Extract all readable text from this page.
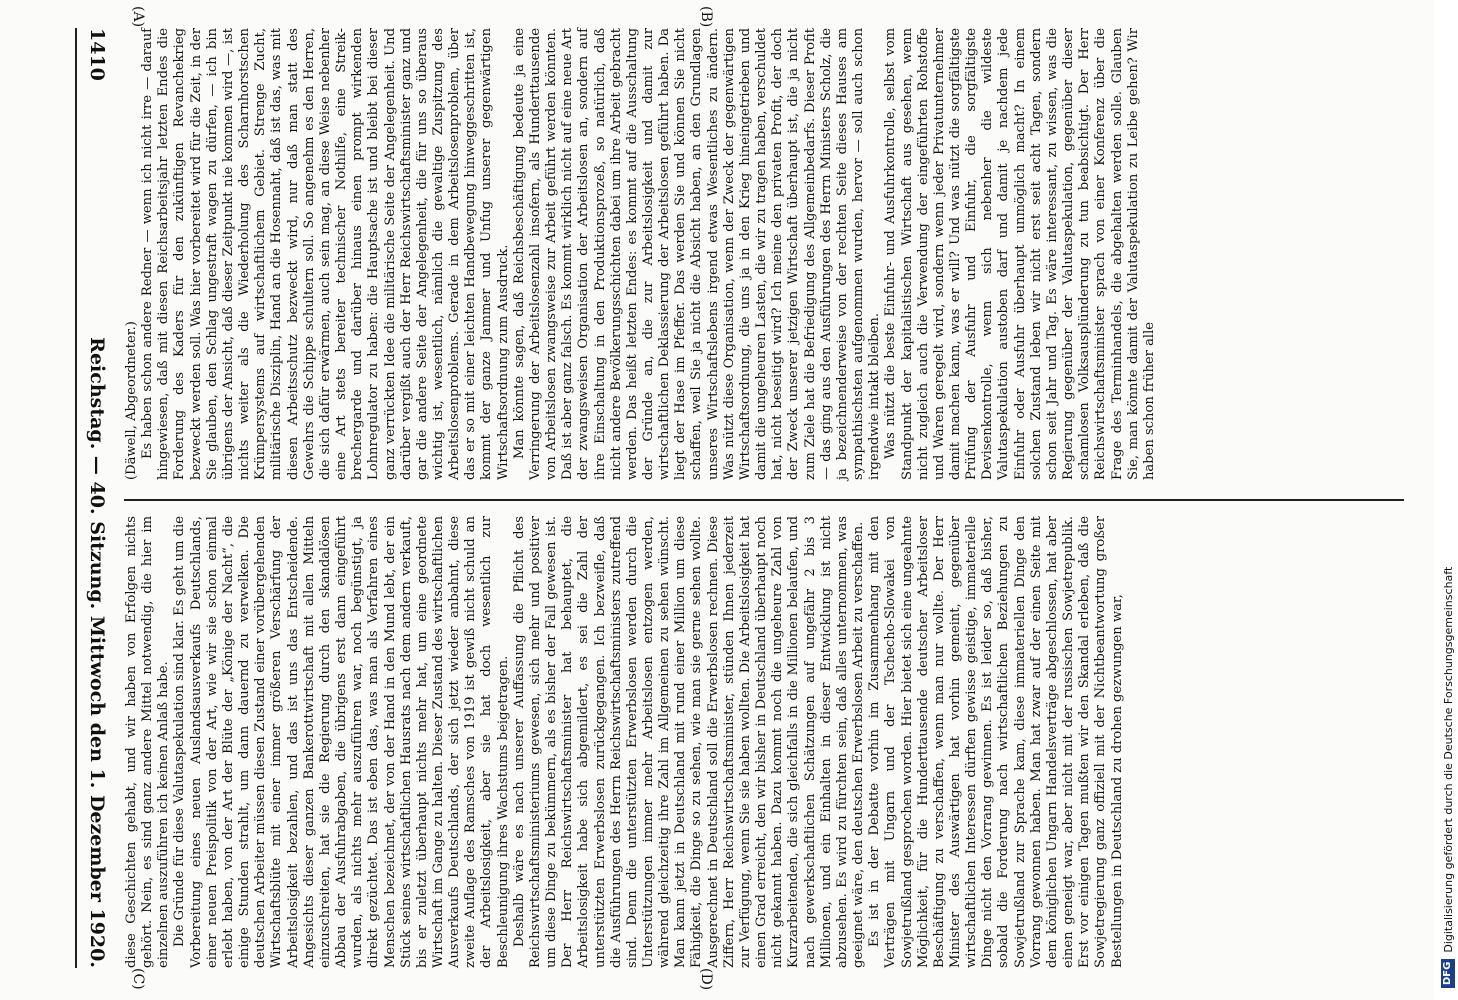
1410
Reichstag. — 40. Sitzung. Mittwoch den 1. Dezember 1920.
(A)	(B)
(C)	(D)

(Däwell, Abgeordneter.) Es haben schon andere Redner — wenn ich nicht irre — darauf hingewiesen, daß mit diesen Reichsarbeitsjahr letzten Endes die Forderung des Kaders für den zukünftigen Revanchekrieg bezweckt werden soll. Was hier vorbereitet wird für die Zeit, in der Sie glauben, den Schlag ungestraft wagen zu dürfen, — ich bin übrigens der Ansicht, daß dieser Zeitpunkt nie kommen wird —, ist nichts weiter als die Wiederholung des Scharnhorstschen Krümpersystems auf wirtschaftlichem Gebiet. Strenge Zucht, militärische Disziplin, Hand an die Hosennaht, daß ist das, was mit diesen Arbeitsschutz bezweckt wird, nur daß man statt des Gewehrs die Schippe schultern soll. So angenehm es den Herren, die sich dafür erwärmen, auch sein mag, an diese Weise nebenher eine Art stets bereiter technischer Nothilfe, eine Streikbrechergarde und darüber hinaus einen prompt wirkenden Lohnregulator zu haben: die Hauptsache ist und bleibt bei dieser ganz verrückten Idee die militärische Seite der Angelegenheit. Und darüber vergißt auch der Herr Reichswirtschaftsminister ganz und gar die andere Seite der Angelegenheit, die für uns so überaus wichtig ist, wesentlich, nämlich die gewaltige Zuspitzung des Arbeitslosenproblems. Gerade in dem Arbeitslosenproblem, über das er so mit einer leichten Handbewegung hinweggeschritten ist, kommt der ganze Jammer und Unfug unserer gegenwärtigen Wirtschaftsordnung zum Ausdruck. Man könnte sagen, daß Reichsbeschäftigung bedeute ja eine Verringerung der Arbeitslosenzahl insofern, als Hunderttausende von Arbeitslosen zwangsweise zur Arbeit geführt werden könnten. Daß ist aber ganz falsch. Es kommt wirklich nicht auf eine neue Art der zwangsweisen Organisation der Arbeitslosen an, sondern auf ihre Einschaltung in den Produktionsprozeß, so natürlich, daß nicht andere Bevölkerungsschichten dabei um ihre Arbeit gebracht werden. Das heißt letzten Endes: es kommt auf die Ausschaltung der Gründe an, die zur Arbeitslosigkeit und damit zur wirtschaftlichen Deklassierung der Arbeitslosen geführt haben. Da liegt der Hase im Pfeffer. Das werden Sie und können Sie nicht schaffen, weil Sie ja nicht die Absicht haben, an den Grundlagen unseres Wirtschaftslebens irgend etwas Wesentliches zu ändern. Was nützt diese Organisation, wenn der Zweck der gegenwärtigen Wirtschaftsordnung, die uns ja in den Krieg hineingetrieben und damit die ungeheuren Lasten, die wir zu tragen haben, verschuldet hat, nicht beseitigt wird? Ich meine den privaten Profit, der doch der Zweck unserer jetzigen Wirtschaft überhaupt ist, die ja nicht zum Ziele hat die Befriedigung des Allgemeinbedarfs. Dieser Profit — das ging aus den Ausführungen des Herrn Ministers Scholz, die ja bezeichnenderweise von der rechten Seite dieses Hauses am sympathischsten aufgenommen wurden, hervor — soll auch schon irgendwie intakt bleiben. Was nützt die beste Einfuhr- und Ausfuhrkontrolle, selbst vom Standpunkt der kapitalistischen Wirtschaft aus gesehen, wenn nicht zugleich auch die Verwendung der eingeführten Rohstoffe und Waren geregelt wird, sondern wenn jeder Privatunternehmer damit machen kann, was er will? Und was nützt die sorgfältigste Prüfung der Ausfuhr und Einfuhr, die sorgfältigste Devisenkontrolle, wenn sich nebenher die wildeste Valutaspekulation austoben darf und damit je nachdem jede Einfuhr oder Ausfuhr überhaupt unmöglich macht? In einem solchen Zustand leben wir nicht erst seit acht Tagen, sondern schon seit Jahr und Tag. Es wäre interessant, zu wissen, was die Regierung gegenüber der Valutaspekulation, gegenüber dieser schamlosen Volksausplünderung zu tun beabsichtigt. Der Herr Reichswirtschaftsminister sprach von einer Konferenz über die Frage des Terminhandels, die abgehalten werden solle. Glauben Sie, man könnte damit der Valutaspekulation zu Leibe gehen? Wir haben schon früher alle

diese Geschichten gehabt, und wir haben von Erfolgen nichts gehört. Nein, es sind ganz andere Mittel notwendig, die hier im einzelnen auszuführen ich keinen Anlaß habe. Die Gründe für diese Valutaspekulation sind klar. Es geht um die Vorbereitung eines neuen Auslandsausverkaufs Deutschlands, einer neuen Preispolitik von der Art, wie wir sie schon einmal erlebt haben, von der Art der Blüte der „Könige der Nacht“, die einige Stunden strahlt, um dann dauernd zu verwelken. Die deutschen Arbeiter müssen diesen Zustand einer vorübergehenden Wirtschaftsblüte mit einer immer größeren Verschärfung der Arbeitslosigkeit bezahlen, und das ist uns das Entscheidende. Angesichts dieser ganzen Bankerottwirtschaft mit allen Mitteln einzuschreiten, hat sie die Regierung durch den skandalösen Abbau der Ausfuhrabgaben, die übrigens erst dann eingeführt wurden, als nichts mehr auszuführen war, noch begünstigt, ja direkt gezüchtet. Das ist eben das, was man als Verfahren eines Menschen bezeichnet, der von der Hand in den Mund lebt, der ein Stück seines wirtschaftlichen Hausrats nach dem andern verkauft, bis er zuletzt überhaupt nichts mehr hat, um eine geordnete Wirtschaft im Gange zu halten. Dieser Zustand des wirtschaftlichen Ausverkaufs Deutschlands, der sich jetzt wieder anbahnt, diese zweite Auflage des Ramsches von 1919 ist gewiß nicht schuld an der Arbeitslosigkeit, aber sie hat doch wesentlich zur Beschleunigung ihres Wachstums beigetragen. Deshalb wäre es nach unserer Auffassung die Pflicht des Reichswirtschaftsministeriums gewesen, sich mehr und positiver um diese Dinge zu bekümmern, als es bisher der Fall gewesen ist. Der Herr Reichswirtschaftsminister hat behauptet, die Arbeitslosigkeit habe sich abgemildert, es sei die Zahl der unterstützten Erwerbslosen zurückgegangen. Ich bezweifle, daß die Ausführungen des Herrn Reichswirtschaftsministers zutreffend sind. Denn die unterstützten Erwerbslosen werden durch die Unterstützungen immer mehr Arbeitslosen entzogen werden, während gleichzeitig ihre Zahl im Allgemeinen zu sehen wünscht. Man kann jetzt in Deutschland mit rund einer Million um diese Fähigkeit, die Dinge so zu sehen, wie man sie gerne sehen wollte. Ausgerechnet in Deutschland soll die Erwerbslosen rechnen. Diese Ziffern, Herr Reichswirtschaftsminister, stünden Ihnen jederzeit zur Verfügung, wenn Sie sie haben wollten. Die Arbeitslosigkeit hat einen Grad erreicht, den wir bisher in Deutschland überhaupt noch nicht gekannt haben. Dazu kommt noch die ungeheure Zahl von Kurzarbeitenden, die sich gleichfalls in die Millionen belaufen, und nach gewerkschaftlichen Schätzungen auf ungefähr 2 bis 3 Millionen, und ein Einhalten in dieser Entwicklung ist nicht abzusehen. Es wird zu fürchten sein, daß alles unternommen, was geeignet wäre, den deutschen Erwerbslosen Arbeit zu verschaffen. Es ist in der Debatte vorhin im Zusammenhang mit den Verträgen mit Ungarn und der Tschecho-Slowakei von Sowjetrußland gesprochen worden. Hier bietet sich eine ungeahnte Möglichkeit, für die Hunderttausende deutscher Arbeitsloser Beschäftigung zu verschaffen, wenn man nur wollte. Der Herr Minister des Auswärtigen hat vorhin gemeint, gegenüber wirtschaftlichen Interessen dürften gewisse geistige, immaterielle Dinge nicht den Vorrang gewinnen. Es ist leider so, daß bisher, sobald die Forderung nach wirtschaftlichen Beziehungen zu Sowjetrußland zur Sprache kam, diese immateriellen Dinge den Vorrang gewonnen haben. Man hat zwar auf der einen Seite mit dem königlichen Ungarn Handelsverträge abgeschlossen, hat aber einen geneigt war, aber nicht mit der russischen Sowjetrepublik. Erst vor einigen Tagen mußten wir den Skandal erleben, daß die Sowjetregierung ganz offiziell mit der Nichtbeantwortung großer Bestellungen in Deutschland zu drohen gezwungen war,

DFG
Digitalisierung gefördert durch die Deutsche Forschungsgemeinschaft
